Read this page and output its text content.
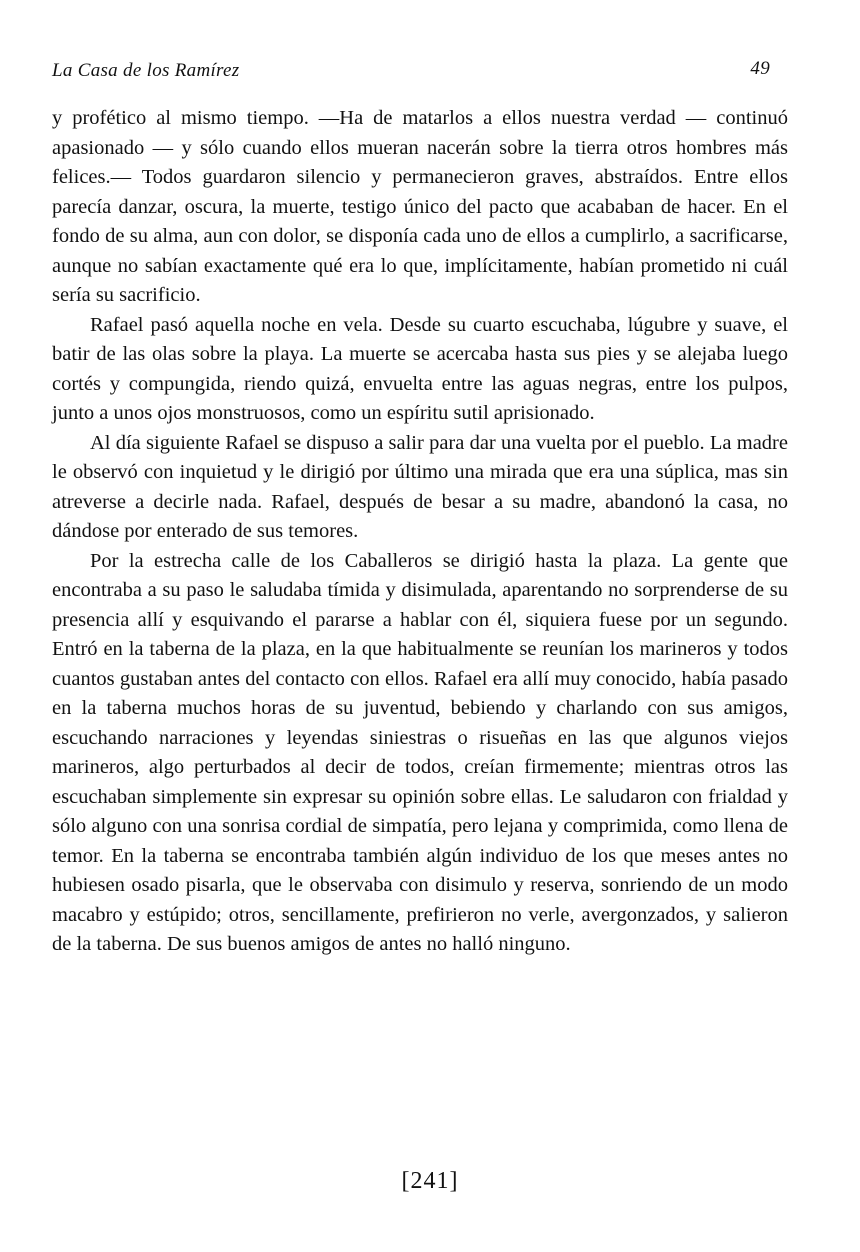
La Casa de los Ramírez	49

y profético al mismo tiempo. —Ha de matarlos a ellos nuestra verdad — continuó apasionado — y sólo cuando ellos mueran nacerán sobre la tierra otros hombres más felices.— Todos guardaron silencio y permanecieron graves, abstraídos. Entre ellos parecía danzar, oscura, la muerte, testigo único del pacto que acababan de hacer. En el fondo de su alma, aun con dolor, se disponía cada uno de ellos a cumplirlo, a sacrificarse, aunque no sabían exactamente qué era lo que, implícitamente, habían prometido ni cuál sería su sacrificio.

Rafael pasó aquella noche en vela. Desde su cuarto escuchaba, lúgubre y suave, el batir de las olas sobre la playa. La muerte se acercaba hasta sus pies y se alejaba luego cortés y compungida, riendo quizá, envuelta entre las aguas negras, entre los pulpos, junto a unos ojos monstruosos, como un espíritu sutil aprisionado.

Al día siguiente Rafael se dispuso a salir para dar una vuelta por el pueblo. La madre le observó con inquietud y le dirigió por último una mirada que era una súplica, mas sin atreverse a decirle nada. Rafael, después de besar a su madre, abandonó la casa, no dándose por enterado de sus temores.

Por la estrecha calle de los Caballeros se dirigió hasta la plaza. La gente que encontraba a su paso le saludaba tímida y disimulada, aparentando no sorprenderse de su presencia allí y esquivando el pararse a hablar con él, siquiera fuese por un segundo. Entró en la taberna de la plaza, en la que habitualmente se reunían los marineros y todos cuantos gustaban antes del contacto con ellos. Rafael era allí muy conocido, había pasado en la taberna muchos horas de su juventud, bebiendo y charlando con sus amigos, escuchando narraciones y leyendas siniestras o risueñas en las que algunos viejos marineros, algo perturbados al decir de todos, creían firmemente; mientras otros las escuchaban simplemente sin expresar su opinión sobre ellas. Le saludaron con frialdad y sólo alguno con una sonrisa cordial de simpatía, pero lejana y comprimida, como llena de temor. En la taberna se encontraba también algún individuo de los que meses antes no hubiesen osado pisarla, que le observaba con disimulo y reserva, sonriendo de un modo macabro y estúpido; otros, sencillamente, prefirieron no verle, avergonzados, y salieron de la taberna. De sus buenos amigos de antes no halló ninguno.

[241]
